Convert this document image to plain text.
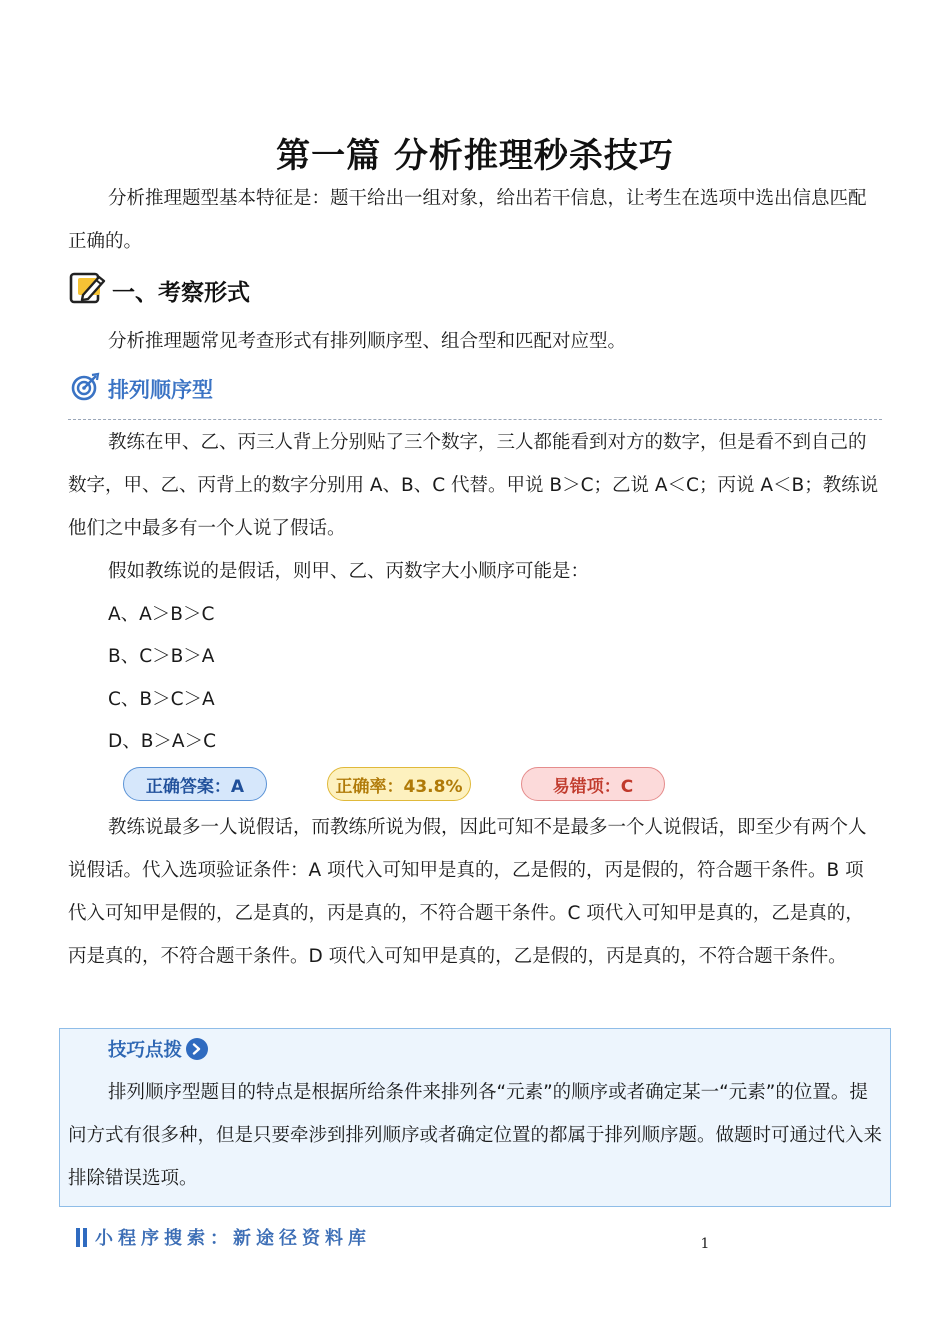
第一篇 分析推理秒杀技巧

分析推理题型基本特征是：题干给出一组对象，给出若干信息，让考生在选项中选出信息匹配正确的。

一、考察形式

分析推理题常见考查形式有排列顺序型、组合型和匹配对应型。

排列顺序型

教练在甲、乙、丙三人背上分别贴了三个数字，三人都能看到对方的数字，但是看不到自己的数字，甲、乙、丙背上的数字分别用 A、B、C 代替。甲说 B＞C；乙说 A＜C；丙说 A＜B；教练说他们之中最多有一个人说了假话。

假如教练说的是假话，则甲、乙、丙数字大小顺序可能是：
A、A＞B＞C
B、C＞B＞A
C、B＞C＞A
D、B＞A＞C
正确答案：A	正确率：43.8%	易错项：C

教练说最多一人说假话，而教练所说为假，因此可知不是最多一个人说假话，即至少有两个人说假话。代入选项验证条件：A 项代入可知甲是真的，乙是假的，丙是假的，符合题干条件。B 项代入可知甲是假的，乙是真的，丙是真的，不符合题干条件。C 项代入可知甲是真的，乙是真的，丙是真的，不符合题干条件。D 项代入可知甲是真的，乙是假的，丙是真的，不符合题干条件。

技巧点拨

排列顺序型题目的特点是根据所给条件来排列各“元素”的顺序或者确定某一“元素”的位置。提问方式有很多种，但是只要牵涉到排列顺序或者确定位置的都属于排列顺序题。做题时可通过代入来排除错误选项。

小程序搜索：新途径资料库	1
